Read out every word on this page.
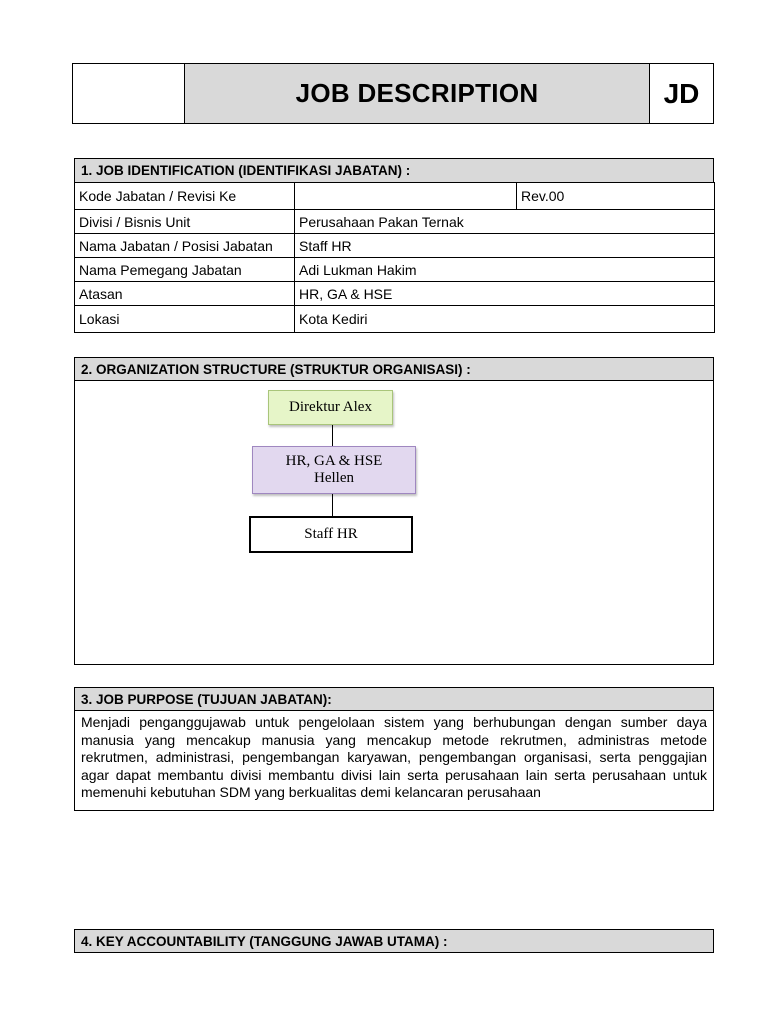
JOB DESCRIPTION	JD
1. JOB IDENTIFICATION (IDENTIFIKASI JABATAN) :
Kode Jabatan / Revisi Ke		Rev.00
Divisi / Bisnis Unit	Perusahaan Pakan Ternak	
Nama Jabatan / Posisi Jabatan	Staff HR	
Nama Pemegang Jabatan	Adi Lukman Hakim	
Atasan	HR, GA & HSE	
Lokasi	Kota Kediri	
2. ORGANIZATION STRUCTURE (STRUKTUR ORGANISASI) :
Direktur Alex
HR, GA & HSE
Hellen
Staff HR
3. JOB PURPOSE (TUJUAN JABATAN):
Menjadi penganggujawab untuk pengelolaan sistem yang berhubungan dengan sumber daya manusia yang mencakup manusia yang mencakup metode rekrutmen, administras metode rekrutmen, administrasi, pengembangan karyawan, pengembangan organisasi, serta penggajian agar dapat membantu divisi membantu divisi lain serta perusahaan lain serta perusahaan untuk memenuhi kebutuhan SDM yang berkualitas demi kelancaran perusahaan
4. KEY ACCOUNTABILITY (TANGGUNG JAWAB UTAMA) :
